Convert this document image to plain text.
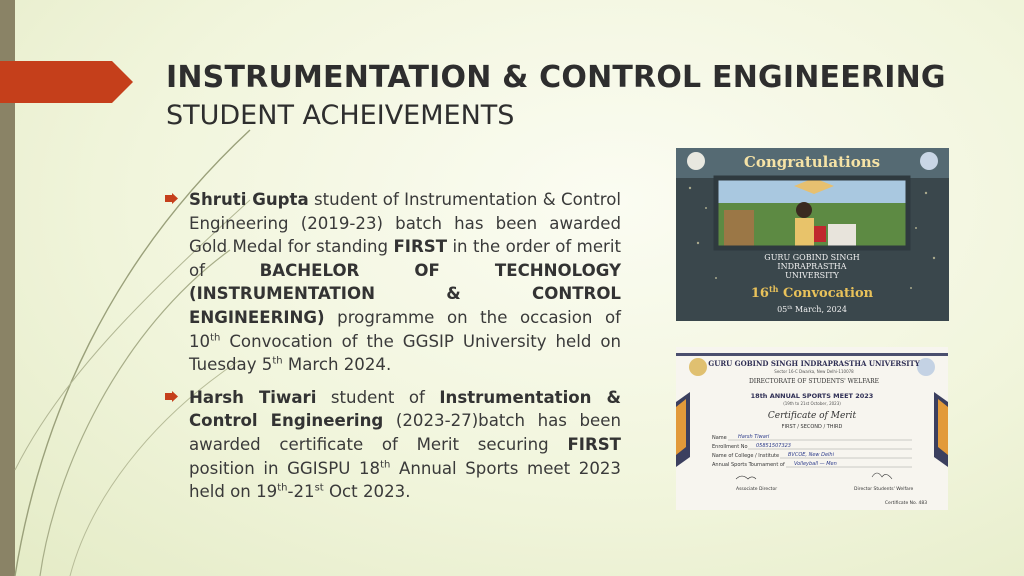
INSTRUMENTATION & CONTROL ENGINEERING
STUDENT ACHEIVEMENTS
Shruti Gupta student of Instrumentation & Control Engineering (2019-23) batch has been awarded Gold Medal for standing FIRST in the order of merit of BACHELOR OF TECHNOLOGY (INSTRUMENTATION & CONTROL ENGINEERING) programme on the occasion of 10th Convocation of the GGSIP University held on Tuesday 5th March 2024.
Harsh Tiwari student of Instrumentation & Control Engineering (2023-27)batch has been awarded certificate of Merit securing FIRST position in GGISPU 18th Annual Sports meet 2023 held on 19th-21st Oct 2023.
Congratulations
GURU GOBIND SINGH
INDRAPRASTHA
UNIVERSITY
16th Convocation
05th March, 2024
GURU GOBIND SINGH INDRAPRASTHA UNIVERSITY
Sector 16-C Dwarka, New Delhi-110078
DIRECTORATE OF STUDENTS' WELFARE
18th ANNUAL SPORTS MEET 2023
(19th to 21st October, 2023)
Certificate of Merit
FIRST / SECOND / THIRD
Name Harsh Tiwari
Enrollment No 05851507323
Name of College / Institute BVCOE, New Delhi
Annual Sports Tournament of Volleyball — Men
Associate Director	Director Students' Welfare
Certificate No. 483
